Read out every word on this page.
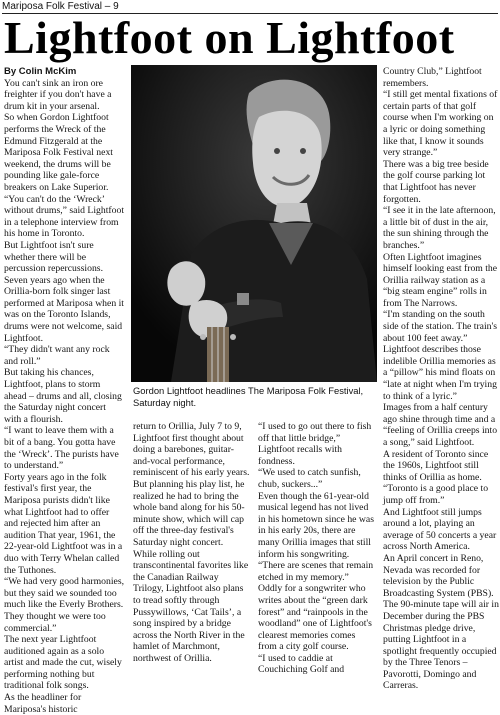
Mariposa Folk Festival – 9
Lightfoot on Lightfoot

By Colin McKim

You can't sink an iron ore freighter if you don't have a drum kit in your arsenal.

So when Gordon Lightfoot performs the Wreck of the Edmund Fitzgerald at the Mariposa Folk Festival next weekend, the drums will be pounding like gale-force breakers on Lake Superior.

“You can't do the ‘Wreck’ without drums,” said Lightfoot in a telephone interview from his home in Toronto.

But Lightfoot isn't sure whether there will be percussion repercussions. Seven years ago when the Orillia-born folk singer last performed at Mariposa when it was on the Toronto Islands, drums were not welcome, said Lightfoot.

“They didn't want any rock and roll.”

But taking his chances, Lightfoot, plans to storm ahead – drums and all, closing the Saturday night concert with a flourish.

“I want to leave them with a bit of a bang. You gotta have the ‘Wreck’. The purists have to understand.”

Forty years ago in the folk festival's first year, the Mariposa purists didn't like what Lightfoot had to offer and rejected him after an audition That year, 1961, the 22-year-old Lightfoot was in a duo with Terry Whelan called the Tuthones.

“We had very good harmonies, but they said we sounded too much like the Everly Brothers. They thought we were too commercial.”

The next year Lightfoot auditioned again as a solo artist and made the cut, wisely performing nothing but traditional folk songs.

As the headliner for Mariposa's historic

Gordon Lightfoot headlines The Mariposa Folk Festival, Saturday night.

return to Orillia, July 7 to 9, Lightfoot first thought about doing a barebones, guitar-and-vocal performance, reminiscent of his early years.

But planning his play list, he realized he had to bring the whole band along for his 50-minute show, which will cap off the three-day festival's Saturday night concert.

While rolling out transcontinental favorites like the Canadian Railway Trilogy, Lightfoot also plans to tread softly through Pussywillows, ‘Cat Tails’, a song inspired by a bridge across the North River in the hamlet of Marchmont, northwest of Orillia.

“I used to go out there to fish off that little bridge,” Lightfoot recalls with fondness.

“We used to catch sunfish, chub, suckers...”

Even though the 61-year-old musical legend has not lived in his hometown since he was in his early 20s, there are many Orillia images that still inform his songwriting.

“There are scenes that remain etched in my memory.”

Oddly for a songwriter who writes about the “green dark forest” and “rainpools in the woodland” one of Lightfoot's clearest memories comes from a city golf course.

“I used to caddie at Couchiching Golf and

Country Club,” Lightfoot remembers.

“I still get mental fixations of certain parts of that golf course when I'm working on a lyric or doing something like that, I know it sounds very strange.”

There was a big tree beside the golf course parking lot that Lightfoot has never forgotten.

“I see it in the late afternoon, a little bit of dust in the air, the sun shining through the branches.”

Often Lightfoot imagines himself looking east from the Orillia railway station as a “big steam engine” rolls in from The Narrows.

“I'm standing on the south side of the station. The train's about 100 feet away.”

Lightfoot describes those indelible Orillia memories as a “pillow” his mind floats on “late at night when I'm trying to think of a lyric.”

Images from a half century ago shine through time and a “feeling of Orillia creeps into a song,” said Lightfoot.

A resident of Toronto since the 1960s, Lightfoot still thinks of Orillia as home.

“Toronto is a good place to jump off from.”

And Lightfoot still jumps around a lot, playing an average of 50 concerts a year across North America.

An April concert in Reno, Nevada was recorded for television by the Public Broadcasting System (PBS).

The 90-minute tape will air in December during the PBS Christmas pledge drive, putting Lightfoot in a spotlight frequently occupied by the Three Tenors – Pavorotti, Domingo and Carreras.
